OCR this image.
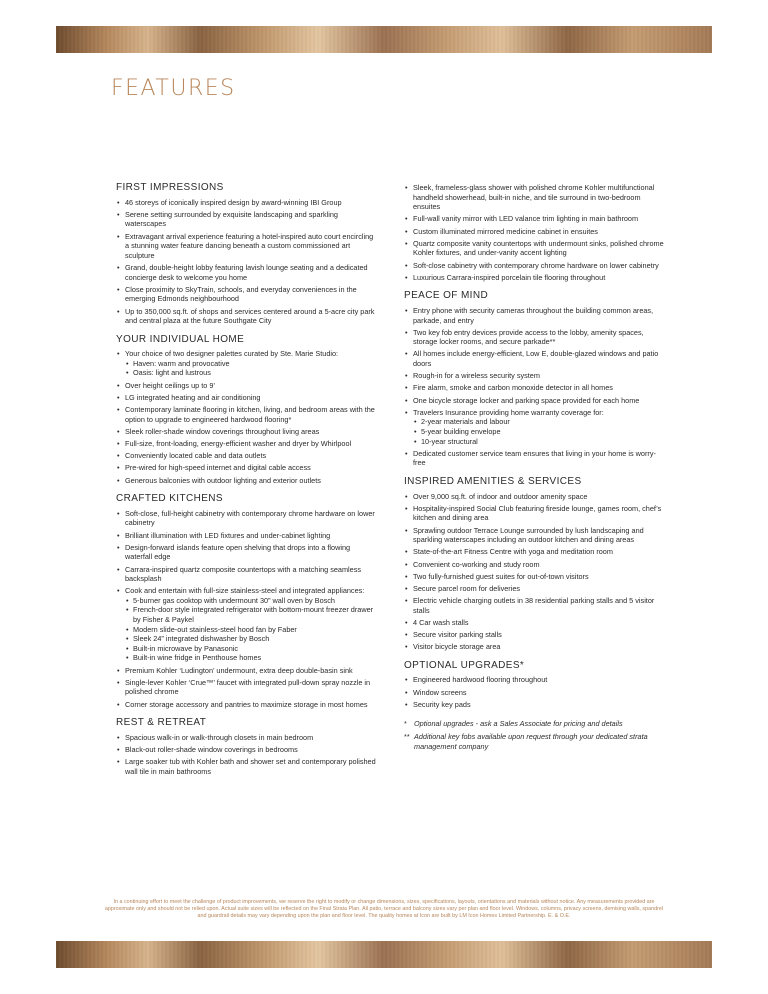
FEATURES
FIRST IMPRESSIONS
• 46 storeys of iconically inspired design by award-winning IBI Group
• Serene setting surrounded by exquisite landscaping and sparkling waterscapes
• Extravagant arrival experience featuring a hotel-inspired auto court encircling a stunning water feature dancing beneath a custom commissioned art sculpture
• Grand, double-height lobby featuring lavish lounge seating and a dedicated concierge desk to welcome you home
• Close proximity to SkyTrain, schools, and everyday conveniences in the emerging Edmonds neighbourhood
• Up to 350,000 sq.ft. of shops and services centered around a 5-acre city park and central plaza at the future Southgate City
YOUR INDIVIDUAL HOME
• Your choice of two designer palettes curated by Ste. Marie Studio:
• Haven: warm and provocative
• Oasis: light and lustrous
• Over height ceilings up to 9’
• LG integrated heating and air conditioning
• Contemporary laminate flooring in kitchen, living, and bedroom areas with the option to upgrade to engineered hardwood flooring*
• Sleek roller-shade window coverings throughout living areas
• Full-size, front-loading, energy-efficient washer and dryer by Whirlpool
• Conveniently located cable and data outlets
• Pre-wired for high-speed internet and digital cable access
• Generous balconies with outdoor lighting and exterior outlets
CRAFTED KITCHENS
• Soft-close, full-height cabinetry with contemporary chrome hardware on lower cabinetry
• Brilliant illumination with LED fixtures and under-cabinet lighting
• Design-forward islands feature open shelving that drops into a flowing waterfall edge
• Carrara-inspired quartz composite countertops with a matching seamless backsplash
• Cook and entertain with full-size stainless-steel and integrated appliances:
• 5-burner gas cooktop with undermount 30” wall oven by Bosch
• French-door style integrated refrigerator with bottom-mount freezer drawer by Fisher & Paykel
• Modern slide-out stainless-steel hood fan by Faber
• Sleek 24” integrated dishwasher by Bosch
• Built-in microwave by Panasonic
• Built-in wine fridge in Penthouse homes
• Premium Kohler ‘Ludington’ undermount, extra deep double-basin sink
• Single-lever Kohler ‘Crue™’ faucet with integrated pull-down spray nozzle in polished chrome
• Corner storage accessory and pantries to maximize storage in most homes
REST & RETREAT
• Spacious walk-in or walk-through closets in main bedroom
• Black-out roller-shade window coverings in bedrooms
• Large soaker tub with Kohler bath and shower set and contemporary polished wall tile in main bathrooms
• Sleek, frameless-glass shower with polished chrome Kohler multifunctional handheld showerhead, built-in niche, and tile surround in two-bedroom ensuites
• Full-wall vanity mirror with LED valance trim lighting in main bathroom
• Custom illuminated mirrored medicine cabinet in ensuites
• Quartz composite vanity countertops with undermount sinks, polished chrome Kohler fixtures, and under-vanity accent lighting
• Soft-close cabinetry with contemporary chrome hardware on lower cabinetry
• Luxurious Carrara-inspired porcelain tile flooring throughout
PEACE OF MIND
• Entry phone with security cameras throughout the building common areas, parkade, and entry
• Two key fob entry devices provide access to the lobby, amenity spaces, storage locker rooms, and secure parkade**
• All homes include energy-efficient, Low E, double-glazed windows and patio doors
• Rough-in for a wireless security system
• Fire alarm, smoke and carbon monoxide detector in all homes
• One bicycle storage locker and parking space provided for each home
• Travelers Insurance providing home warranty coverage for:
• 2-year materials and labour
• 5-year building envelope
• 10-year structural
• Dedicated customer service team ensures that living in your home is worry-free
INSPIRED AMENITIES & SERVICES
• Over 9,000 sq.ft. of indoor and outdoor amenity space
• Hospitality-inspired Social Club featuring fireside lounge, games room, chef’s kitchen and dining area
• Sprawling outdoor Terrace Lounge surrounded by lush landscaping and sparkling waterscapes including an outdoor kitchen and dining areas
• State-of-the-art Fitness Centre with yoga and meditation room
• Convenient co-working and study room
• Two fully-furnished guest suites for out-of-town visitors
• Secure parcel room for deliveries
• Electric vehicle charging outlets in 38 residential parking stalls and 5 visitor stalls
• 4 Car wash stalls
• Secure visitor parking stalls
• Visitor bicycle storage area
OPTIONAL UPGRADES*
• Engineered hardwood flooring throughout
• Window screens
• Security key pads
* Optional upgrades - ask a Sales Associate for pricing and details
** Additional key fobs available upon request through your dedicated strata management company
In a continuing effort to meet the challenge of product improvements, we reserve the right to modify or change dimensions, sizes, specifications, layouts, orientations and materials without notice. Any measurements provided are approximate only and should not be relied upon. Actual suite sizes will be reflected on the Final Strata Plan. All patio, terrace and balcony sizes vary per plan and floor level. Windows, columns, privacy screens, demising walls, spandrel and guardrail details may vary depending upon the plan and floor level. The quality homes at Icon are built by LM Icon Homes Limited Partnership. E. & O.E.
